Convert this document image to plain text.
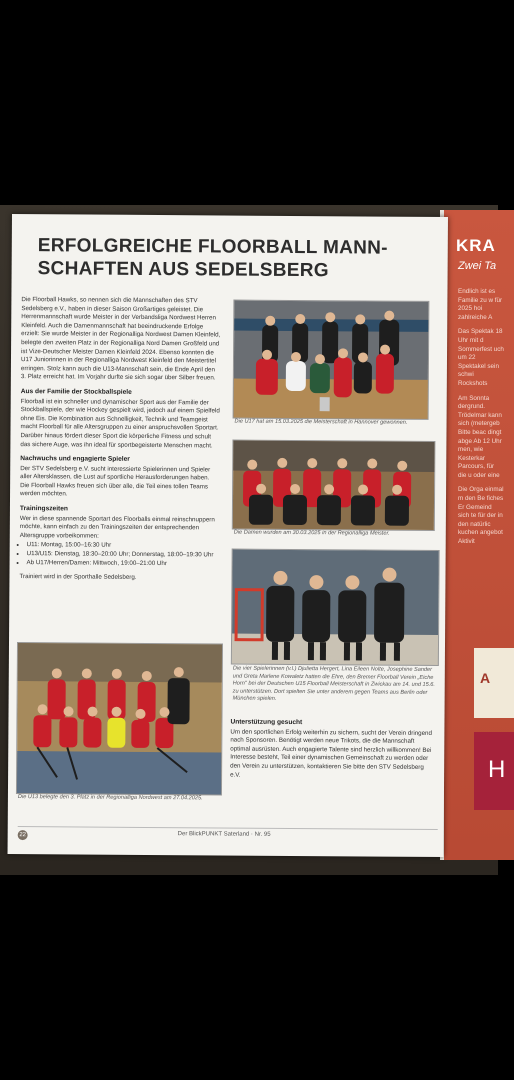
KRA
Zwei Ta

Endlich ist es Familie zu w für 2025 hoi zahlreiche A

Das Spektak 18 Uhr mit d Sommerfest uch um 22 Spektakel sein schwi Rockshots

Am Sonnta dergrund. Trödelmar kann sich (metergeb Bitte beac dingt abge Ab 12 Uhr men, wie Kesterkar Parcours, für die u oder eine

Die Orga einmal m den Be fiches Er Gemeind sich te für der in den natürlic kuchen angebot Aktivit

A
H
ERFOLGREICHE FLOORBALL MANN-
SCHAFTEN AUS SEDELSBERG

Die Floorball Hawks, so nennen sich die Mannschaften des STV Sedelsberg e.V., haben in dieser Saison Großartiges geleistet. Die Herrenmannschaft wurde Meister in der Verbandsliga Nordwest Herren Kleinfeld. Auch die Damenmannschaft hat beeindruckende Erfolge erzielt: Sie wurde Meister in der Regionalliga Nordwest Damen Kleinfeld, belegte den zweiten Platz in der Regionalliga Nord Damen Großfeld und ist Vize-Deutscher Meister Damen Kleinfeld 2024. Ebenso konnten die U17 Juniorinnen in der Regionalliga Nordwest Kleinfeld den Meistertitel erringen. Stolz kann auch die U13-Mannschaft sein, die Ende April den 3. Platz erreicht hat. Im Vorjahr durfte sie sich sogar über Silber freuen.

Aus der Familie der Stockballspiele

Floorball ist ein schneller und dynamischer Sport aus der Familie der Stockballspiele, der wie Hockey gespielt wird, jedoch auf einem Spielfeld ohne Eis. Die Kombination aus Schnelligkeit, Technik und Teamgeist macht Floorball für alle Altersgruppen zu einer anspruchsvollen Sportart. Darüber hinaus fördert dieser Sport die körperliche Fitness und schult das sichere Auge, was ihn ideal für sportbegeisterte Menschen macht.

Nachwuchs und engagierte Spieler

Der STV Sedelsberg e.V. sucht interessierte Spielerinnen und Spieler aller Altersklassen, die Lust auf sportliche Herausforderungen haben. Die Floorball Hawks freuen sich über alle, die Teil eines tollen Teams werden möchten.

Trainingszeiten

Wer in diese spannende Sportart des Floorballs einmal reinschnuppern möchte, kann einfach zu den Trainingszeiten der entsprechenden Altersgruppe vorbeikommen:

• U11: Montag, 15:00–16:30 Uhr
• U13/U15: Dienstag, 18:30–20:00 Uhr; Donnerstag, 18:00–19:30 Uhr
• Ab U17/Herren/Damen: Mittwoch, 19:00–21:00 Uhr

Trainiert wird in der Sporthalle Sedelsberg.

Die U17 hat am 15.03.2025 die Meisterschaft in Hannover gewonnen.
Die Damen wurden am 30.03.2025 in der Regionalliga Meister.
Die vier Spielerinnen (v.l.) Djulietta Hergert, Lina Eileen Nolte, Josephine Sander und Greta Marlene Kowaletz hatten die Ehre, den Bremer Floorball Verein „Eiche Horn" bei der Deutschen U15 Floorball Meisterschaft in Zwickau am 14. und 15.6. zu unterstützen. Dort spielten Sie unter anderem gegen Teams aus Berlin oder München spielen.
Die U13 belegte den 3. Platz in der Regionalliga Nordwest am 27.04.2025.
Unterstützung gesucht

Um den sportlichen Erfolg weiterhin zu sichern, sucht der Verein dringend nach Sponsoren. Benötigt werden neue Trikots, die die Mannschaft optimal ausrüsten. Auch engagierte Talente sind herzlich willkommen! Bei Interesse besteht, Teil einer dynamischen Gemeinschaft zu werden oder den Verein zu unterstützen, kontaktieren Sie bitte den STV Sedelsberg e.V.

22	Der BlickPUNKT Saterland · Nr. 95
